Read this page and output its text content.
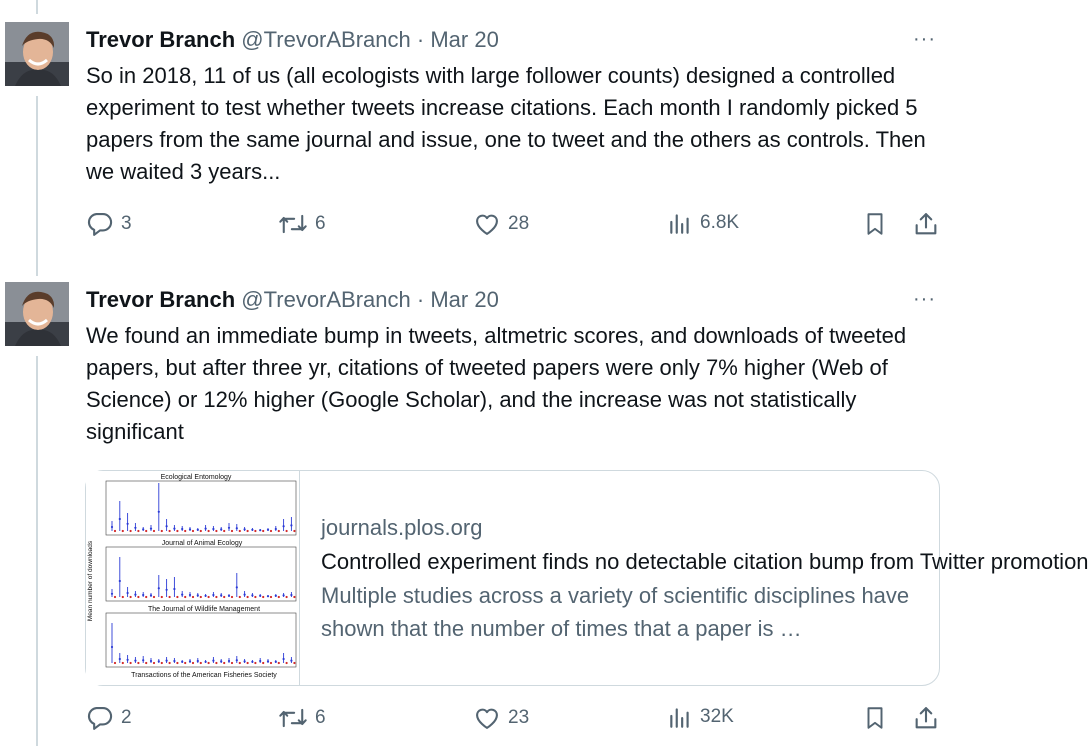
Trevor Branch @TrevorABranch · Mar 20	···
So in 2018, 11 of us (all ecologists with large follower counts) designed a controlled experiment to test whether tweets increase citations. Each month I randomly picked 5 papers from the same journal and issue, one to tweet and the others as controls. Then we waited 3 years...
3	6	28	6.8K
Trevor Branch @TrevorABranch · Mar 20	···
We found an immediate bump in tweets, altmetric scores, and downloads of tweeted papers, but after three yr, citations of tweeted papers were only 7% higher (Web of Science) or 12% higher (Google Scholar), and the increase was not statistically significant
Ecological Entomology
Journal of Animal Ecology
The Journal of Wildlife Management
Transactions of the American Fisheries Society
Mean number of downloads
journals.plos.org
Controlled experiment finds no detectable citation bump from Twitter promotion
Multiple studies across a variety of scientific disciplines have shown that the number of times that a paper is …
2	6	23	32K
